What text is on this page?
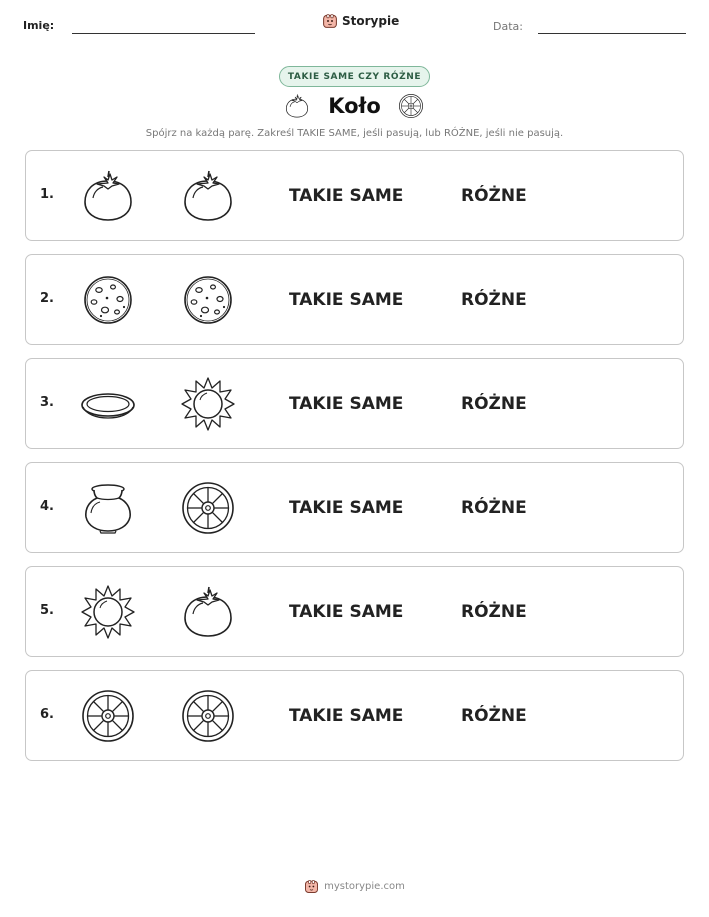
Imię:	Storypie	Data:
TAKIE SAME CZY RÓŻNE
Koło
Spójrz na każdą parę. Zakreśl TAKIE SAME, jeśli pasują, lub RÓŻNE, jeśli nie pasują.
1.	TAKIE SAME	RÓŻNE
2.	TAKIE SAME	RÓŻNE
3.	TAKIE SAME	RÓŻNE
4.	TAKIE SAME	RÓŻNE
5.	TAKIE SAME	RÓŻNE
6.	TAKIE SAME	RÓŻNE
mystorypie.com
